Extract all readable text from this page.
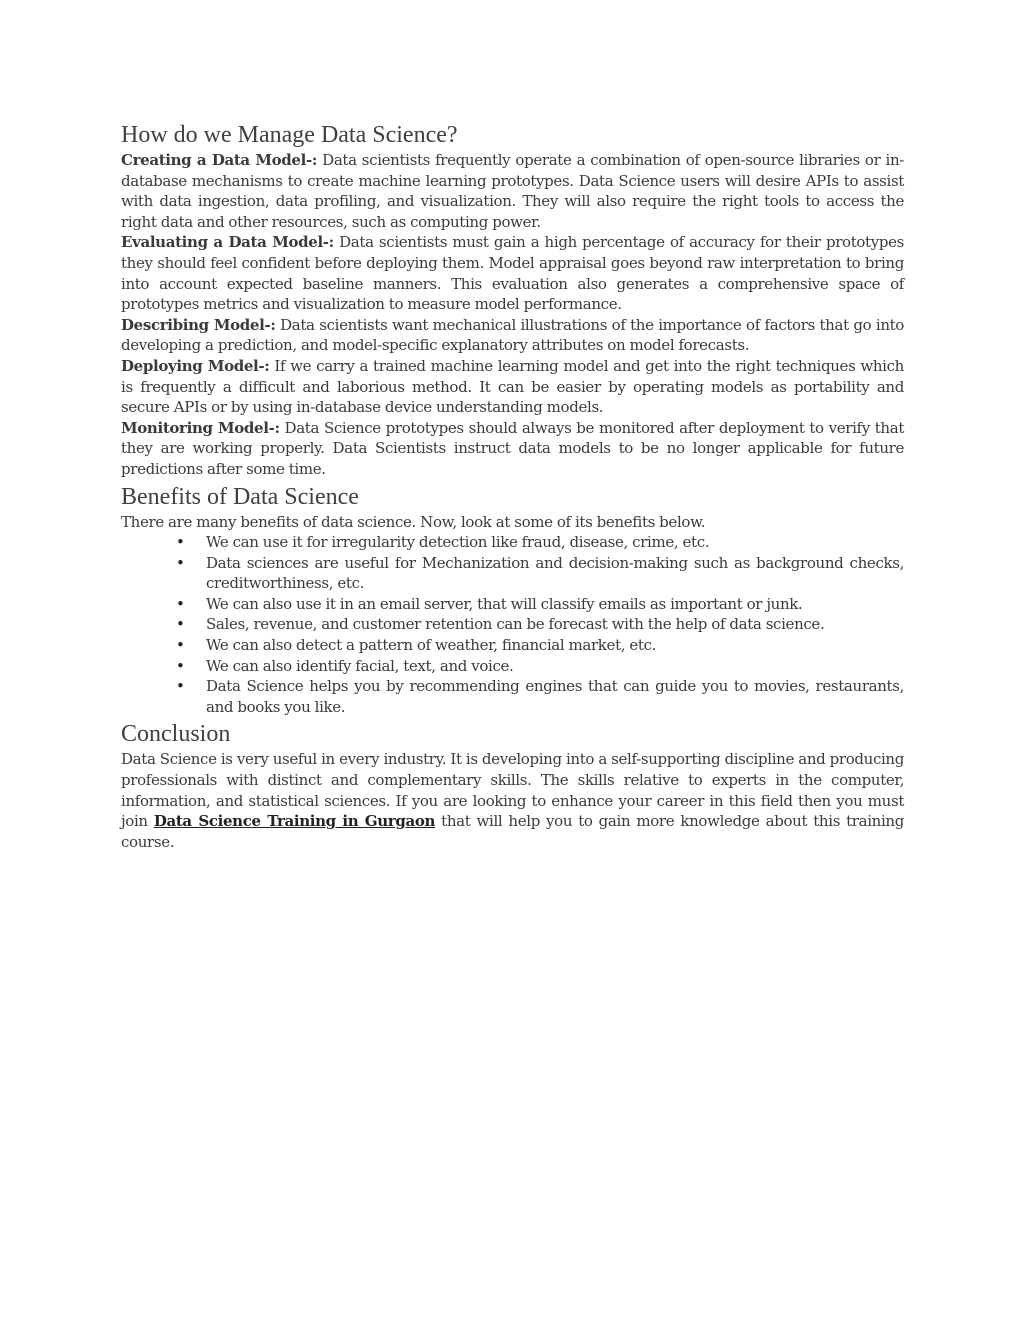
How do we Manage Data Science?

Creating a Data Model-: Data scientists frequently operate a combination of open-source libraries or in-database mechanisms to create machine learning prototypes. Data Science users will desire APIs to assist with data ingestion, data profiling, and visualization. They will also require the right tools to access the right data and other resources, such as computing power.

Evaluating a Data Model-: Data scientists must gain a high percentage of accuracy for their prototypes they should feel confident before deploying them. Model appraisal goes beyond raw interpretation to bring into account expected baseline manners. This evaluation also generates a comprehensive space of prototypes metrics and visualization to measure model performance.

Describing Model-: Data scientists want mechanical illustrations of the importance of factors that go into developing a prediction, and model-specific explanatory attributes on model forecasts.

Deploying Model-: If we carry a trained machine learning model and get into the right techniques which is frequently a difficult and laborious method. It can be easier by operating models as portability and secure APIs or by using in-database device understanding models.

Monitoring Model-: Data Science prototypes should always be monitored after deployment to verify that they are working properly. Data Scientists instruct data models to be no longer applicable for future predictions after some time.

Benefits of Data Science

There are many benefits of data science. Now, look at some of its benefits below.

• We can use it for irregularity detection like fraud, disease, crime, etc.
• Data sciences are useful for Mechanization and decision-making such as background checks, creditworthiness, etc.
• We can also use it in an email server, that will classify emails as important or junk.
• Sales, revenue, and customer retention can be forecast with the help of data science.
• We can also detect a pattern of weather, financial market, etc.
• We can also identify facial, text, and voice.
• Data Science helps you by recommending engines that can guide you to movies, restaurants, and books you like.
Conclusion

Data Science is very useful in every industry. It is developing into a self-supporting discipline and producing professionals with distinct and complementary skills. The skills relative to experts in the computer, information, and statistical sciences. If you are looking to enhance your career in this field then you must join Data Science Training in Gurgaon that will help you to gain more knowledge about this training course.
